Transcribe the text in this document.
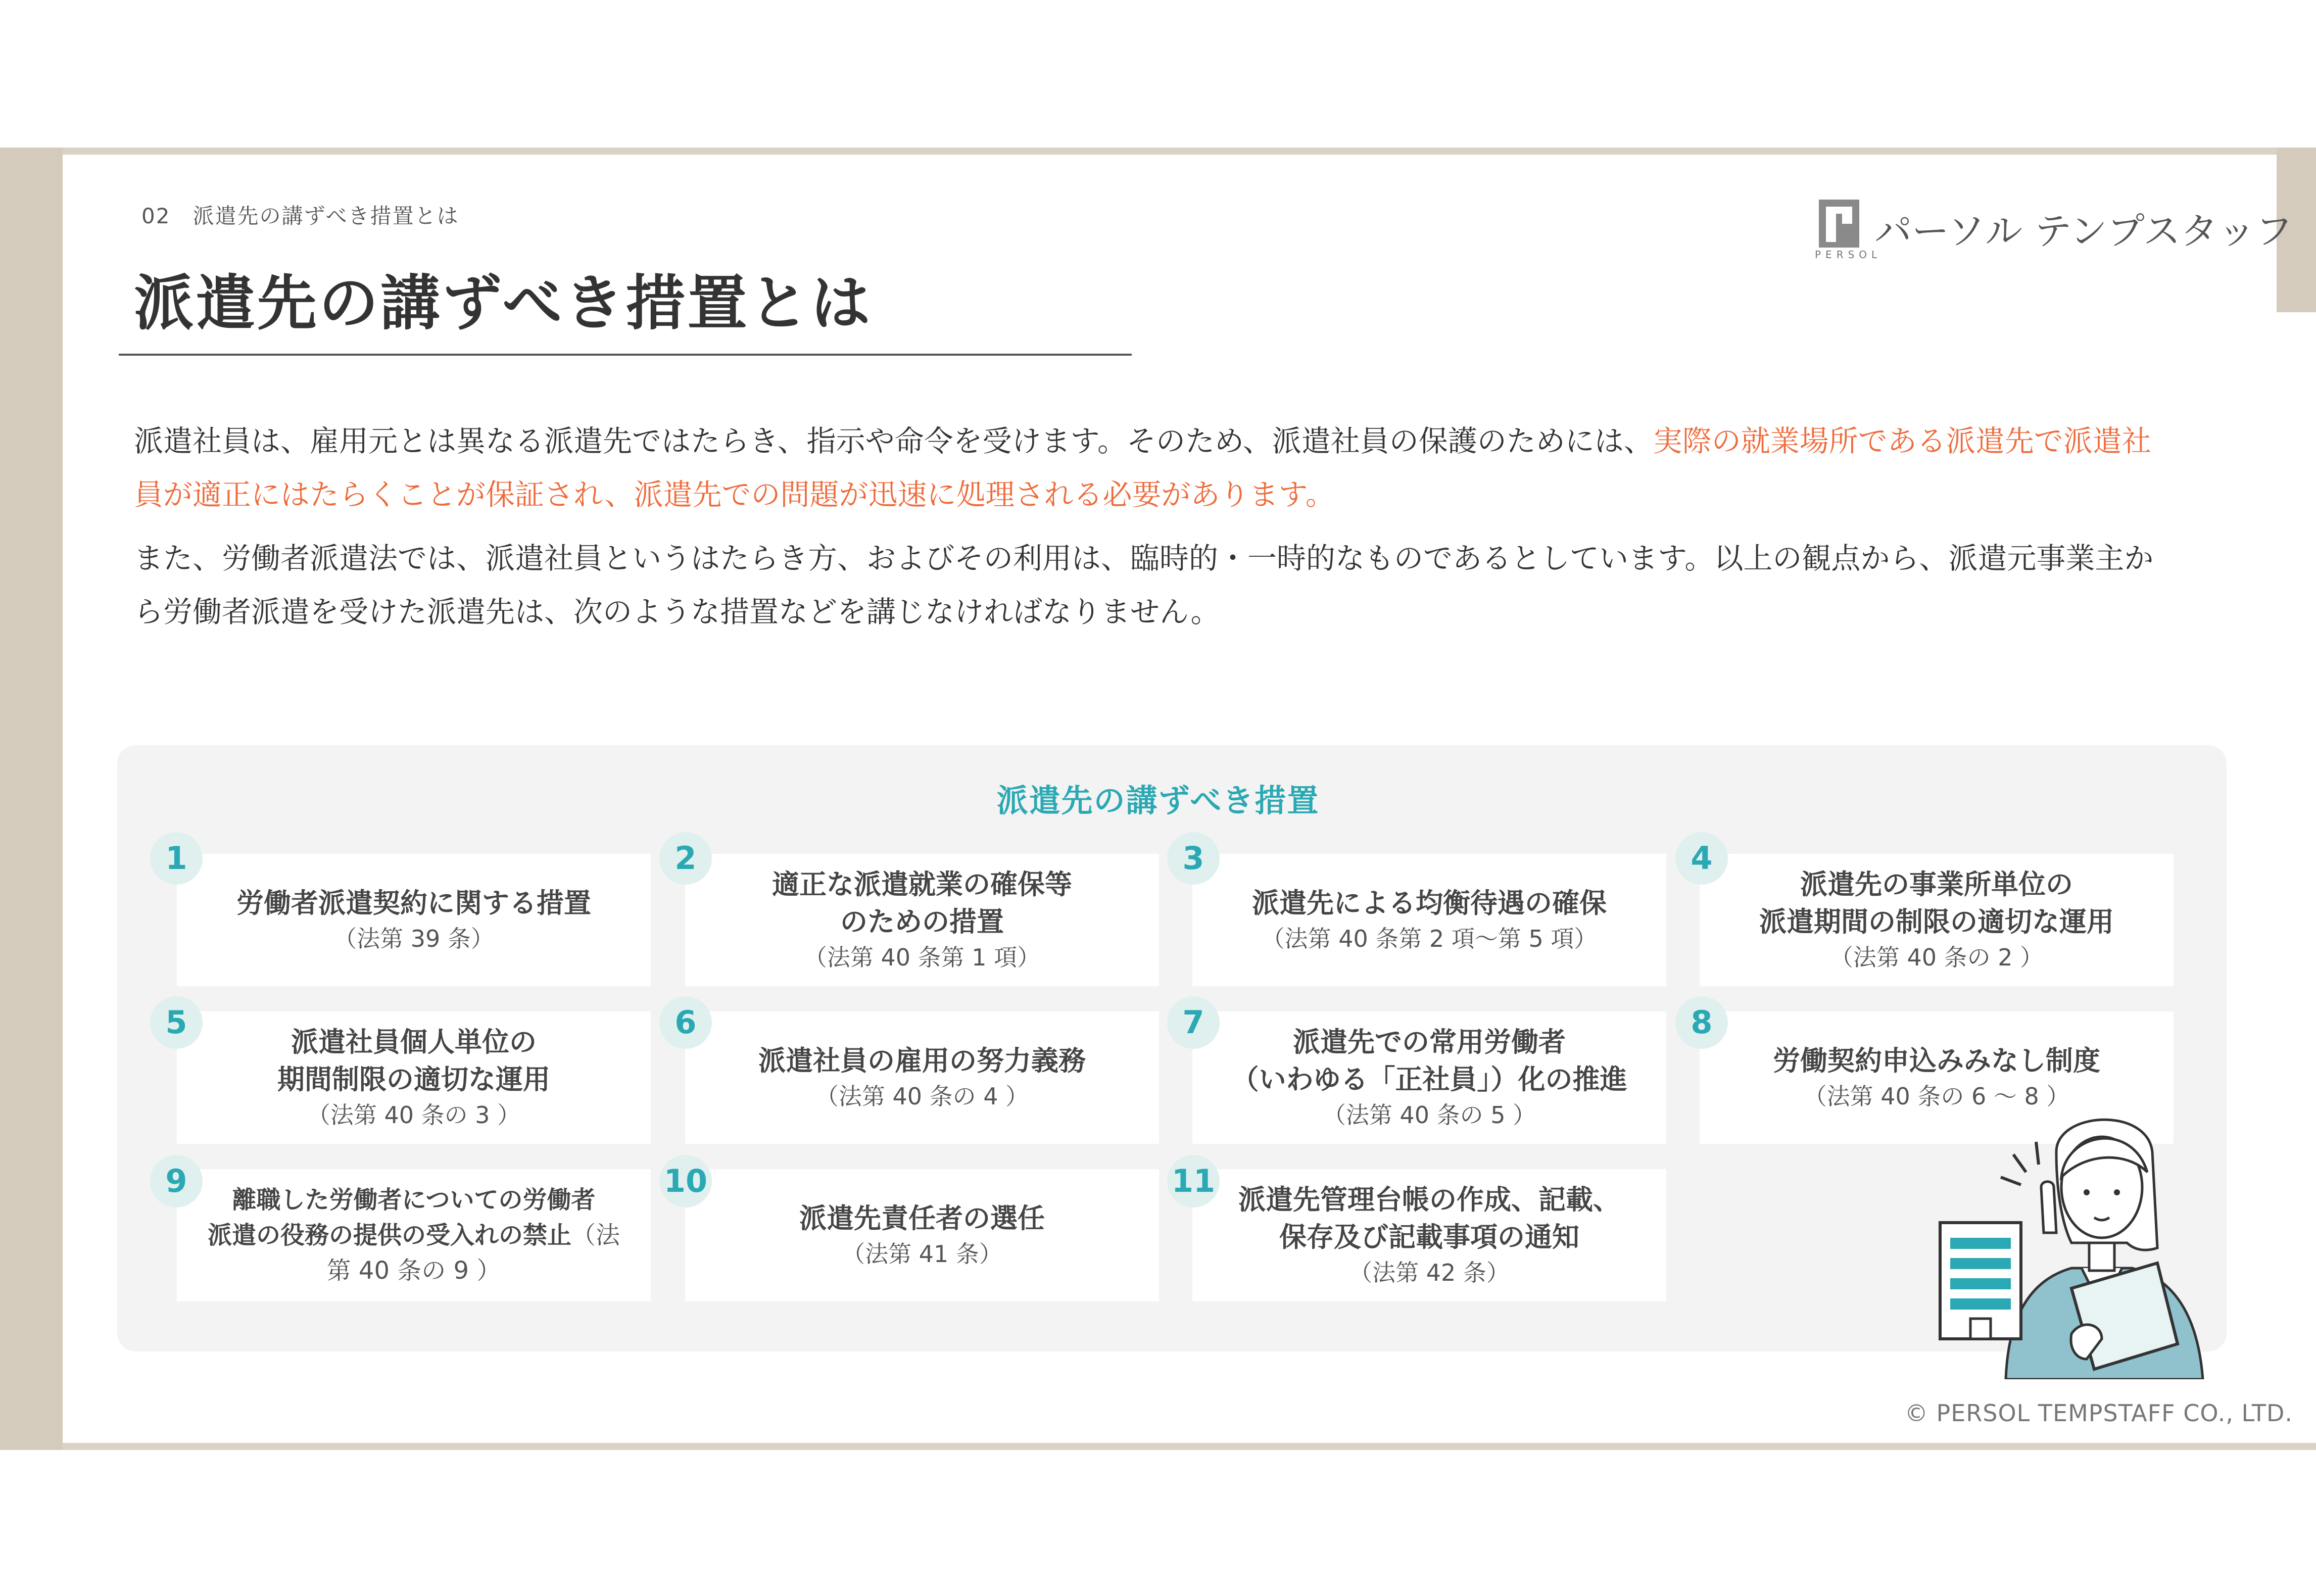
02　派遣先の講ずべき措置とは
派遣先の講ずべき措置とは
PERSOL
パーソル テンプスタッフ
派遣社員は、雇用元とは異なる派遣先ではたらき、指示や命令を受けます。そのため、派遣社員の保護のためには、実際の就業場所である派遣先で派遣社員が適正にはたらくことが保証され、派遣先での問題が迅速に処理される必要があります。
また、労働者派遣法では、派遣社員というはたらき方、およびその利用は、臨時的・一時的なものであるとしています。以上の観点から、派遣元事業主から労働者派遣を受けた派遣先は、次のような措置などを講じなければなりません。
派遣先の講ずべき措置
労働者派遣契約に関する措置
（法第 39 条）
1
適正な派遣就業の確保等
のための措置
（法第 40 条第 1 項）
2
派遣先による均衡待遇の確保
（法第 40 条第 2 項～第 5 項）
3
派遣先の事業所単位の
派遣期間の制限の適切な運用
（法第 40 条の 2 ）
4
派遣社員個人単位の
期間制限の適切な運用
（法第 40 条の 3 ）
5
派遣社員の雇用の努力義務
（法第 40 条の 4 ）
6
派遣先での常用労働者
（いわゆる「正社員」）化の推進
（法第 40 条の 5 ）
7
労働契約申込みみなし制度
（法第 40 条の 6 ～ 8 ）
8
離職した労働者についての労働者
派遣の役務の提供の受入れの禁止（法
第 40 条の 9 ）
9
派遣先責任者の選任
（法第 41 条）
10
派遣先管理台帳の作成、記載、
保存及び記載事項の通知
（法第 42 条）
11
© PERSOL TEMPSTAFF CO., LTD.
